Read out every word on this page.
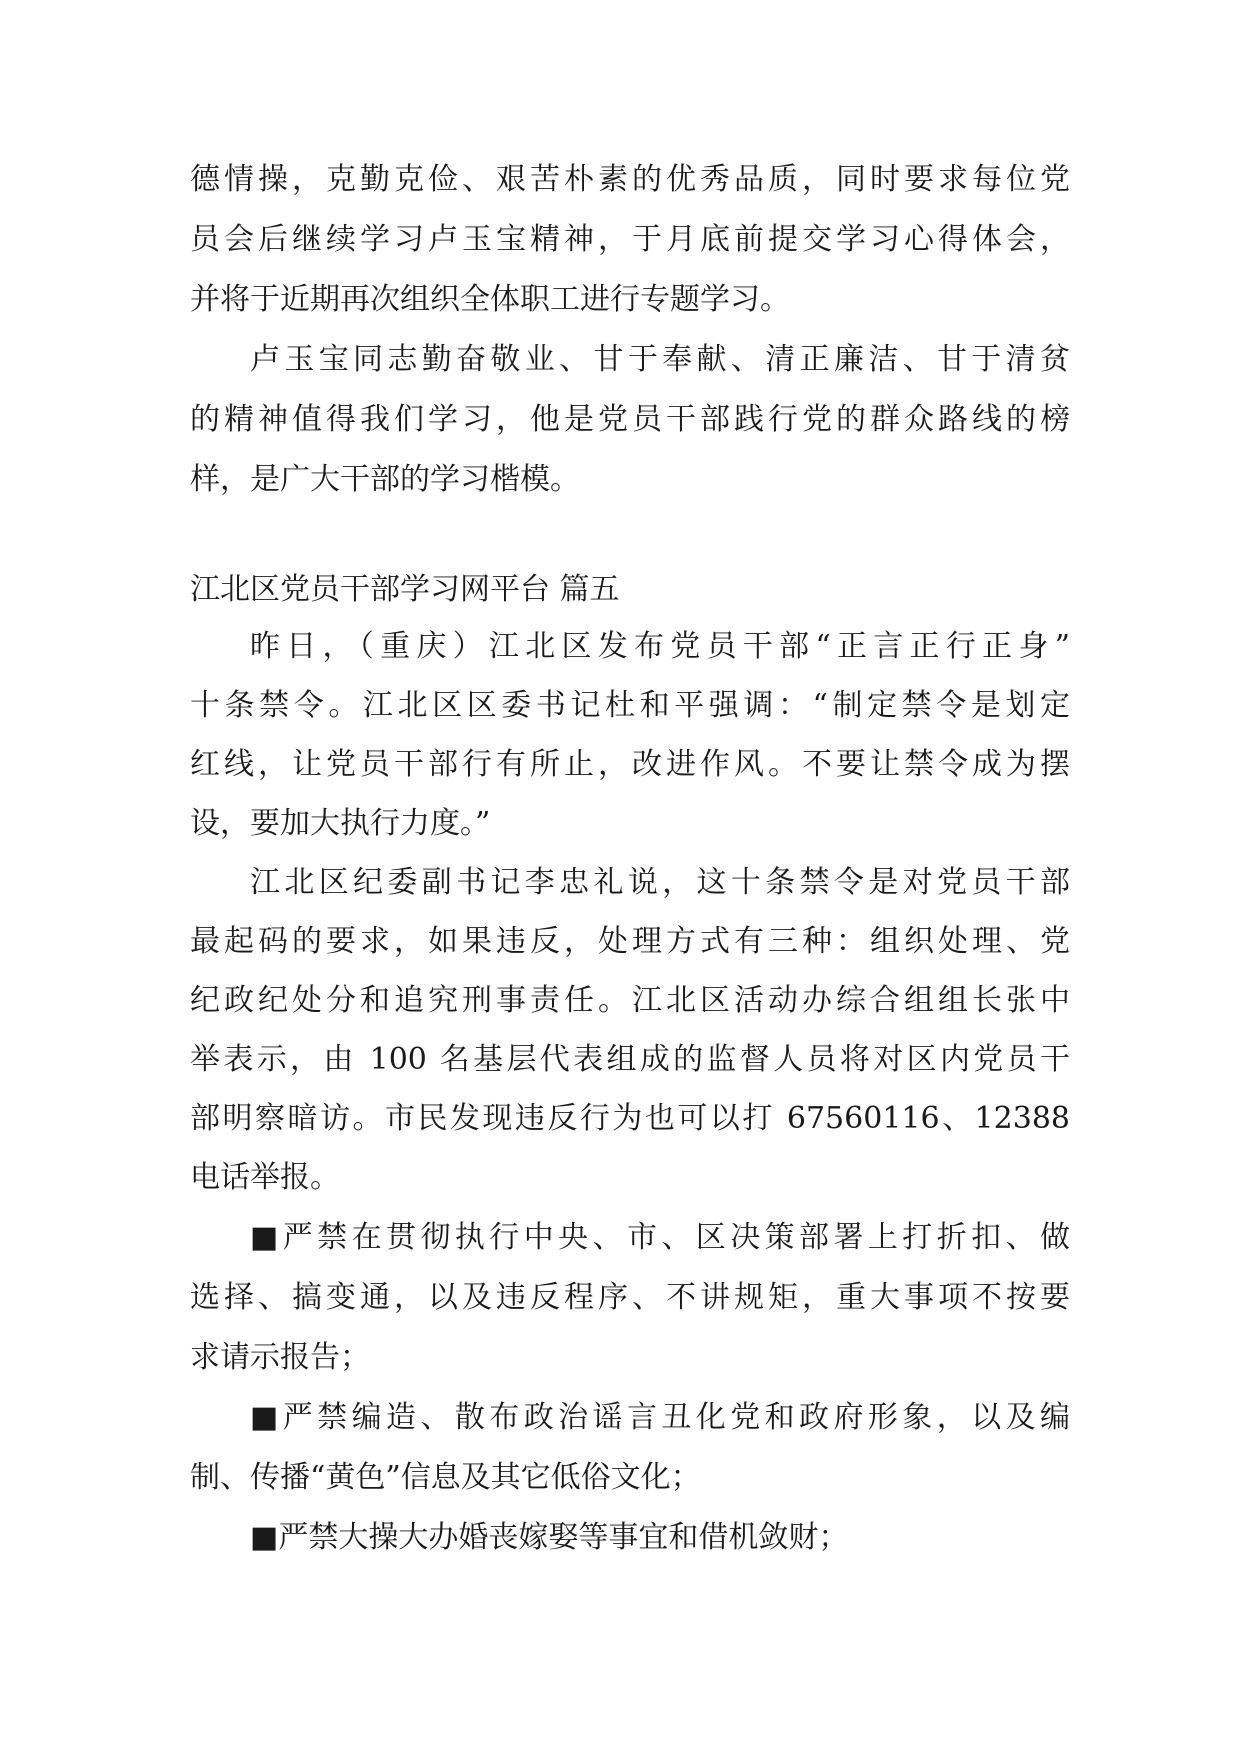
德情操，克勤克俭、艰苦朴素的优秀品质，同时要求每位党
员会后继续学习卢玉宝精神，于月底前提交学习心得体会，
并将于近期再次组织全体职工进行专题学习。
卢玉宝同志勤奋敬业、甘于奉献、清正廉洁、甘于清贫
的精神值得我们学习，他是党员干部践行党的群众路线的榜
样，是广大干部的学习楷模。
江北区党员干部学习网平台 篇五
昨日，（重庆）江北区发布党员干部“正言正行正身”
十条禁令。江北区区委书记杜和平强调：“制定禁令是划定
红线，让党员干部行有所止，改进作风。不要让禁令成为摆
设，要加大执行力度。”
江北区纪委副书记李忠礼说，这十条禁令是对党员干部
最起码的要求，如果违反，处理方式有三种：组织处理、党
纪政纪处分和追究刑事责任。江北区活动办综合组组长张中
举表示，由 100 名基层代表组成的监督人员将对区内党员干
部明察暗访。市民发现违反行为也可以打 67560116、12388
电话举报。
■严禁在贯彻执行中央、市、区决策部署上打折扣、做
选择、搞变通，以及违反程序、不讲规矩，重大事项不按要
求请示报告；
■严禁编造、散布政治谣言丑化党和政府形象，以及编
制、传播“黄色”信息及其它低俗文化；
■严禁大操大办婚丧嫁娶等事宜和借机敛财；
